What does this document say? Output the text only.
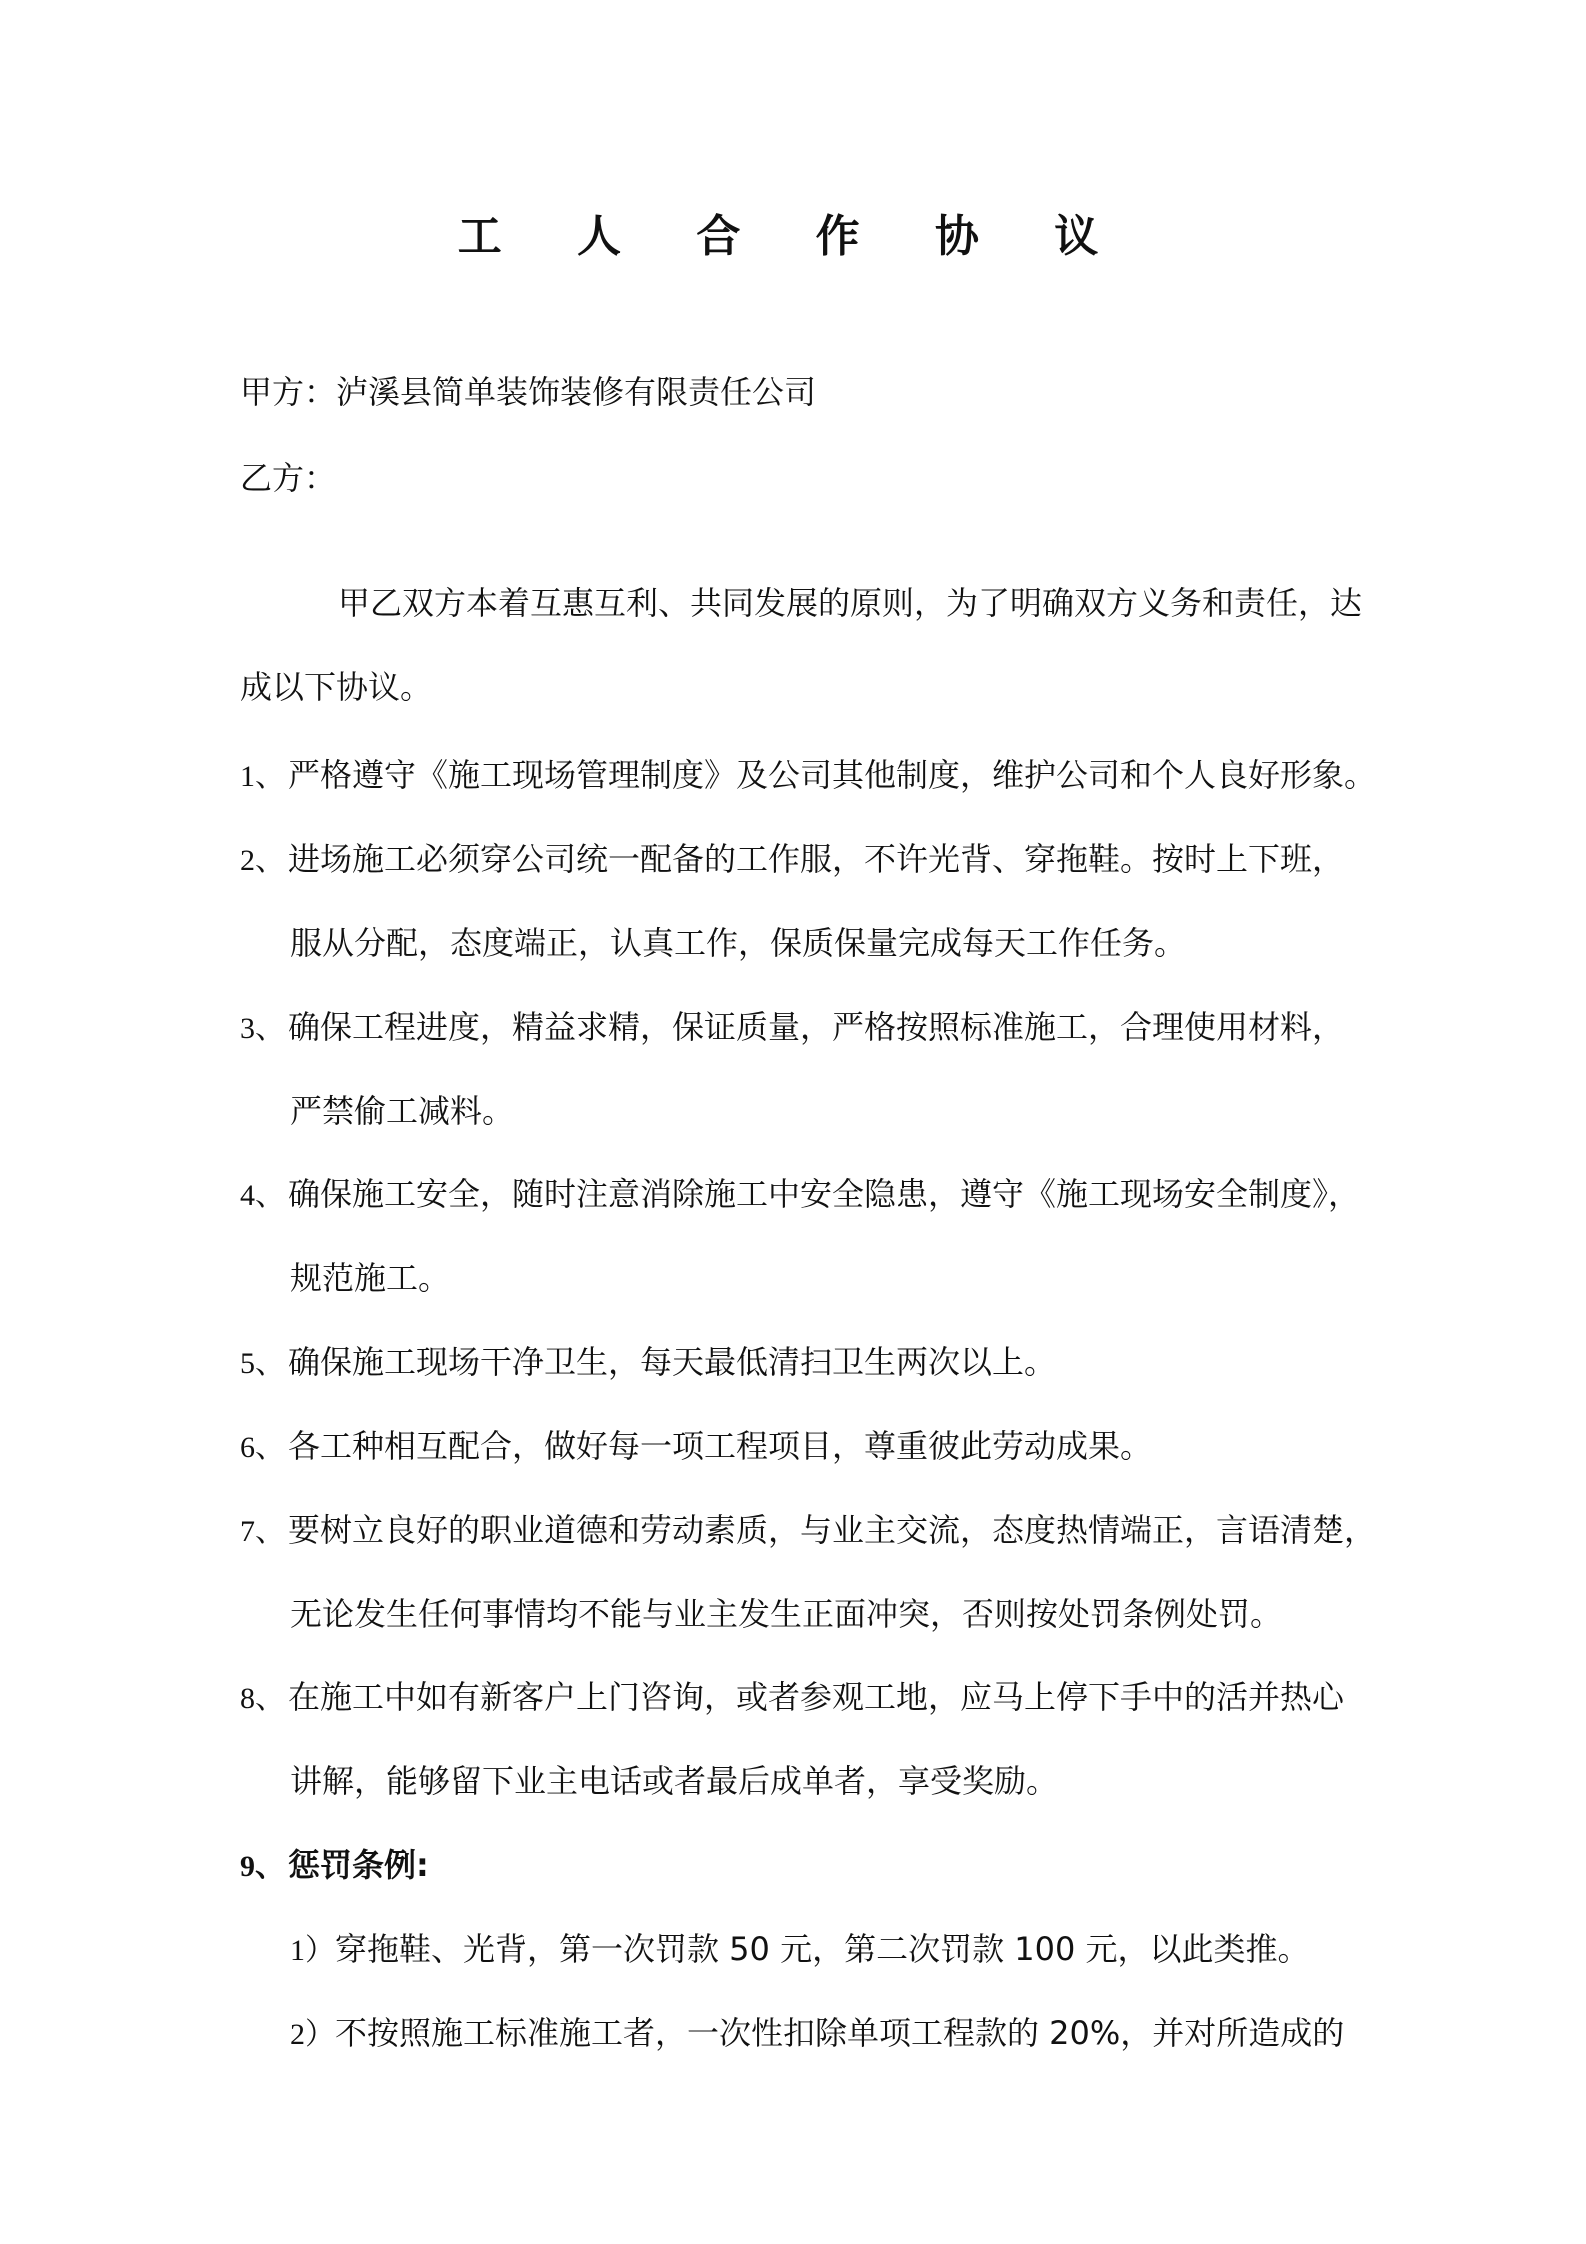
工 人 合 作 协 议
甲方：泸溪县简单装饰装修有限责任公司
乙方：
甲乙双方本着互惠互利、共同发展的原则，为了明确双方义务和责任，达
成以下协议。
1、严格遵守《施工现场管理制度》及公司其他制度，维护公司和个人良好形象。
2、进场施工必须穿公司统一配备的工作服，不许光背、穿拖鞋。按时上下班，
服从分配，态度端正，认真工作，保质保量完成每天工作任务。
3、确保工程进度，精益求精，保证质量，严格按照标准施工，合理使用材料，
严禁偷工减料。
4、确保施工安全，随时注意消除施工中安全隐患，遵守《施工现场安全制度》，
规范施工。
5、确保施工现场干净卫生，每天最低清扫卫生两次以上。
6、各工种相互配合，做好每一项工程项目，尊重彼此劳动成果。
7、要树立良好的职业道德和劳动素质，与业主交流，态度热情端正，言语清楚，
无论发生任何事情均不能与业主发生正面冲突，否则按处罚条例处罚。
8、在施工中如有新客户上门咨询，或者参观工地，应马上停下手中的活并热心
讲解，能够留下业主电话或者最后成单者，享受奖励。
9、惩罚条例:
1）穿拖鞋、光背，第一次罚款 50 元，第二次罚款 100 元，以此类推。
2）不按照施工标准施工者，一次性扣除单项工程款的 20%，并对所造成的
